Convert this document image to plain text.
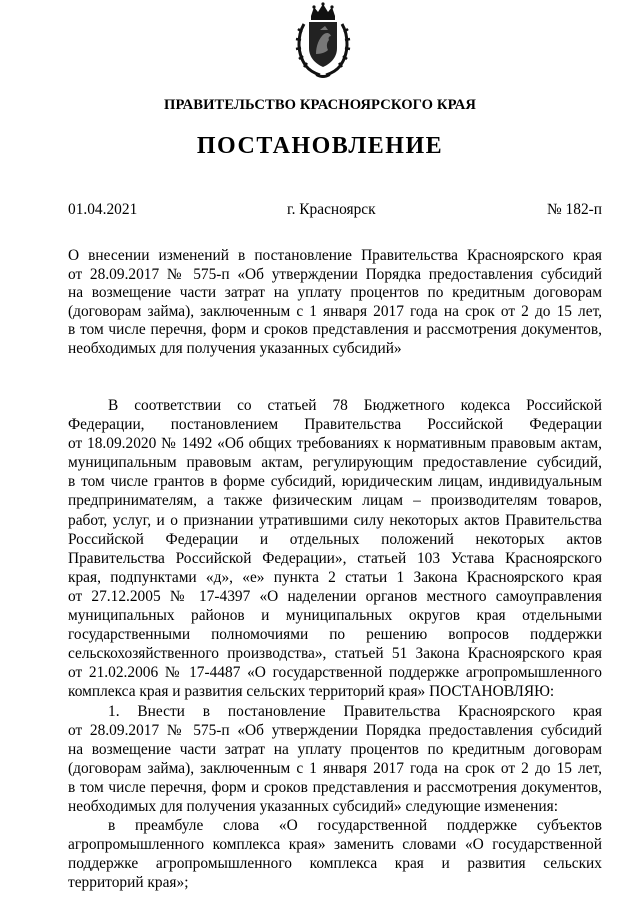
ПРАВИТЕЛЬСТВО КРАСНОЯРСКОГО КРАЯ
ПОСТАНОВЛЕНИЕ
01.04.2021	г. Красноярск	№ 182-п
О внесении изменений в постановление Правительства Красноярского края
от 28.09.2017 № 575-п «Об утверждении Порядка предоставления субсидий
на возмещение части затрат на уплату процентов по кредитным договорам
(договорам займа), заключенным с 1 января 2017 года на срок от 2 до 15 лет,
в том числе перечня, форм и сроков представления и рассмотрения документов,
необходимых для получения указанных субсидий»
В соответствии со статьей 78 Бюджетного кодекса Российской
Федерации, постановлением Правительства Российской Федерации
от 18.09.2020 № 1492 «Об общих требованиях к нормативным правовым актам,
муниципальным правовым актам, регулирующим предоставление субсидий,
в том числе грантов в форме субсидий, юридическим лицам, индивидуальным
предпринимателям, а также физическим лицам – производителям товаров,
работ, услуг, и о признании утратившими силу некоторых актов Правительства
Российской Федерации и отдельных положений некоторых актов
Правительства Российской Федерации», статьей 103 Устава Красноярского
края, подпунктами «д», «е» пункта 2 статьи 1 Закона Красноярского края
от 27.12.2005 № 17-4397 «О наделении органов местного самоуправления
муниципальных районов и муниципальных округов края отдельными
государственными полномочиями по решению вопросов поддержки
сельскохозяйственного производства», статьей 51 Закона Красноярского края
от 21.02.2006 № 17-4487 «О государственной поддержке агропромышленного
комплекса края и развития сельских территорий края» ПОСТАНОВЛЯЮ:
1. Внести в постановление Правительства Красноярского края
от 28.09.2017 № 575-п «Об утверждении Порядка предоставления субсидий
на возмещение части затрат на уплату процентов по кредитным договорам
(договорам займа), заключенным с 1 января 2017 года на срок от 2 до 15 лет,
в том числе перечня, форм и сроков представления и рассмотрения документов,
необходимых для получения указанных субсидий» следующие изменения:
в преамбуле слова «О государственной поддержке субъектов
агропромышленного комплекса края» заменить словами «О государственной
поддержке агропромышленного комплекса края и развития сельских
территорий края»;
